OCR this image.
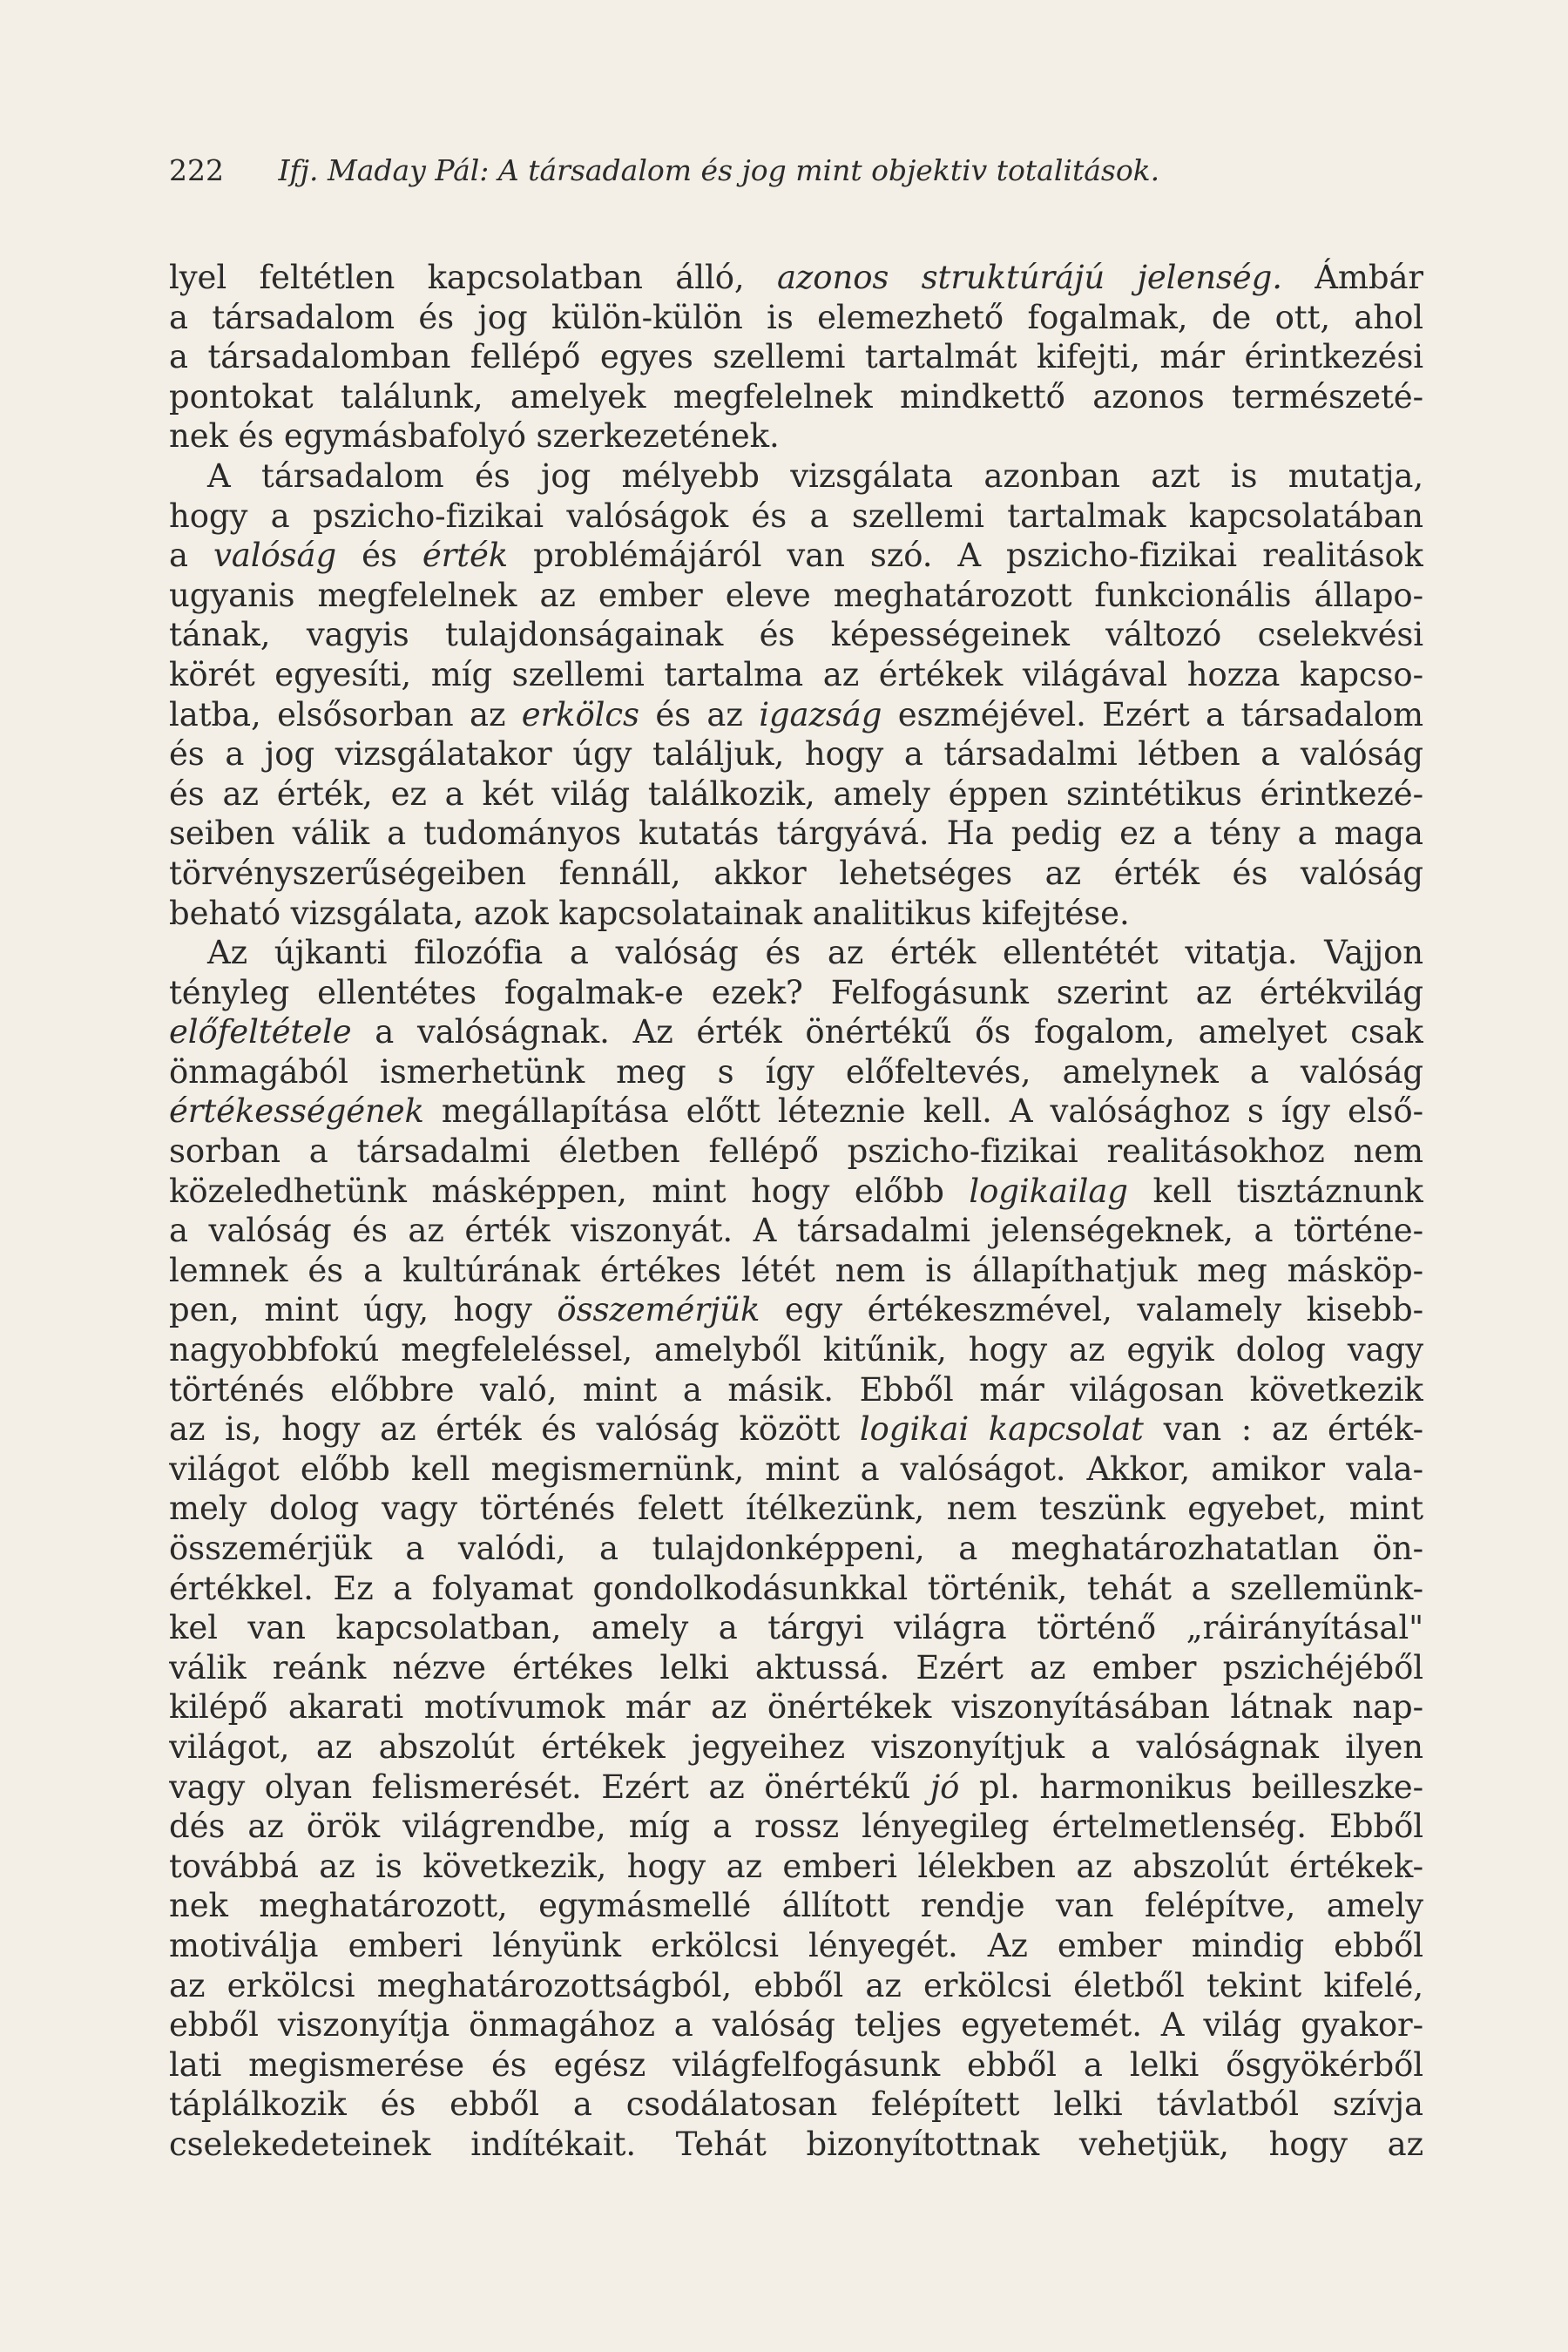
222 Ifj. Maday Pál: A társadalom és jog mint objektiv totalitások.
lyel feltétlen kapcsolatban álló, azonos struktúrájú jelenség. Ámbár
a társadalom és jog külön-külön is elemezhető fogalmak, de ott, ahol
a társadalomban fellépő egyes szellemi tartalmát kifejti, már érintkezési
pontokat találunk, amelyek megfelelnek mindkettő azonos természeté-
nek és egymásbafolyó szerkezetének.
A társadalom és jog mélyebb vizsgálata azonban azt is mutatja,
hogy a pszicho-fizikai valóságok és a szellemi tartalmak kapcsolatában
a valóság és érték problémájáról van szó. A pszicho-fizikai realitások
ugyanis megfelelnek az ember eleve meghatározott funkcionális állapo-
tának, vagyis tulajdonságainak és képességeinek változó cselekvési
körét egyesíti, míg szellemi tartalma az értékek világával hozza kapcso-
latba, elsősorban az erkölcs és az igazság eszméjével. Ezért a társadalom
és a jog vizsgálatakor úgy találjuk, hogy a társadalmi létben a valóság
és az érték, ez a két világ találkozik, amely éppen szintétikus érintkezé-
seiben válik a tudományos kutatás tárgyává. Ha pedig ez a tény a maga
törvényszerűségeiben fennáll, akkor lehetséges az érték és valóság
beható vizsgálata, azok kapcsolatainak analitikus kifejtése.
Az újkanti filozófia a valóság és az érték ellentétét vitatja. Vajjon
tényleg ellentétes fogalmak-e ezek? Felfogásunk szerint az értékvilág
előfeltétele a valóságnak. Az érték önértékű ős fogalom, amelyet csak
önmagából ismerhetünk meg s így előfeltevés, amelynek a valóság
értékességének megállapítása előtt léteznie kell. A valósághoz s így első-
sorban a társadalmi életben fellépő pszicho-fizikai realitásokhoz nem
közeledhetünk másképpen, mint hogy előbb logikailag kell tisztáznunk
a valóság és az érték viszonyát. A társadalmi jelenségeknek, a történe-
lemnek és a kultúrának értékes létét nem is állapíthatjuk meg másköp-
pen, mint úgy, hogy összemérjük egy értékeszmével, valamely kisebb-
nagyobbfokú megfeleléssel, amelyből kitűnik, hogy az egyik dolog vagy
történés előbbre való, mint a másik. Ebből már világosan következik
az is, hogy az érték és valóság között logikai kapcsolat van : az érték-
világot előbb kell megismernünk, mint a valóságot. Akkor, amikor vala-
mely dolog vagy történés felett ítélkezünk, nem teszünk egyebet, mint
összemérjük a valódi, a tulajdonképpeni, a meghatározhatatlan ön-
értékkel. Ez a folyamat gondolkodásunkkal történik, tehát a szellemünk-
kel van kapcsolatban, amely a tárgyi világra történő „ráirányításal"
válik reánk nézve értékes lelki aktussá. Ezért az ember pszichéjéből
kilépő akarati motívumok már az önértékek viszonyításában látnak nap-
világot, az abszolút értékek jegyeihez viszonyítjuk a valóságnak ilyen
vagy olyan felismerését. Ezért az önértékű jó pl. harmonikus beilleszke-
dés az örök világrendbe, míg a rossz lényegileg értelmetlenség. Ebből
továbbá az is következik, hogy az emberi lélekben az abszolút értékek-
nek meghatározott, egymásmellé állított rendje van felépítve, amely
motiválja emberi lényünk erkölcsi lényegét. Az ember mindig ebből
az erkölcsi meghatározottságból, ebből az erkölcsi életből tekint kifelé,
ebből viszonyítja önmagához a valóság teljes egyetemét. A világ gyakor-
lati megismerése és egész világfelfogásunk ebből a lelki ősgyökérből
táplálkozik és ebből a csodálatosan felépített lelki távlatból szívja
cselekedeteinek indítékait. Tehát bizonyítottnak vehetjük, hogy az
